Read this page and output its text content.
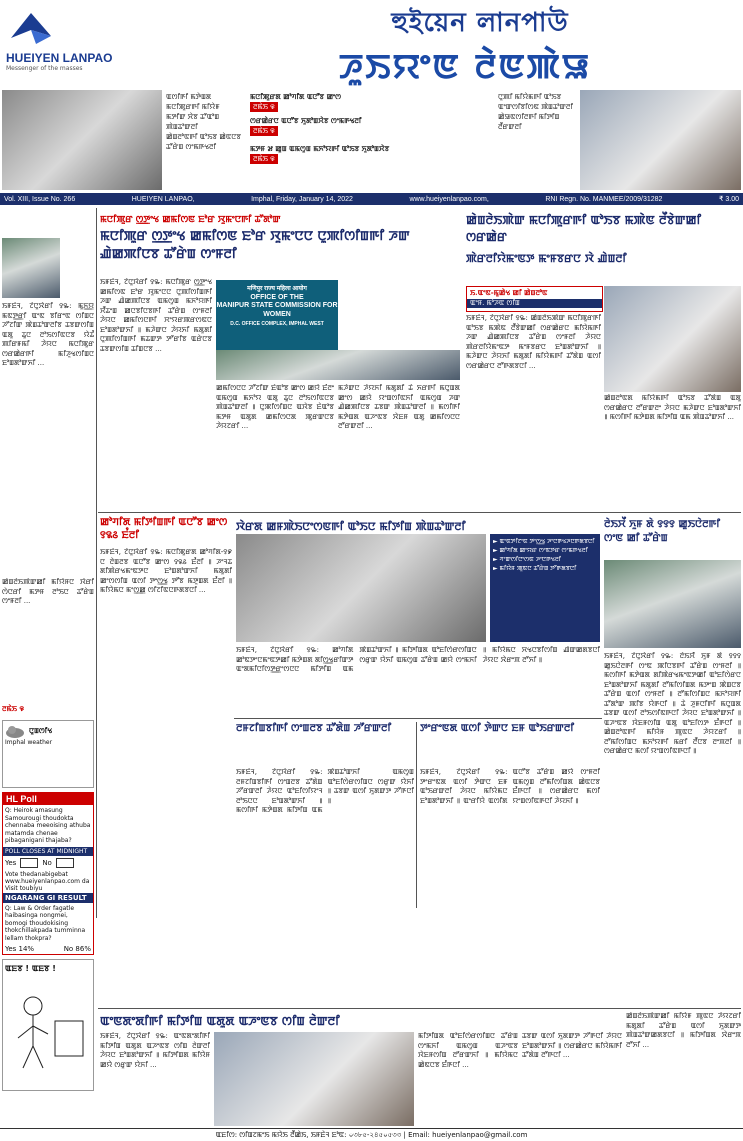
HUEIYEN LANPAO
Messenger of the masses
হুইয়েন লানপাউ
ꯍꯨꯏꯌꯦꯟ ꯂꯥꯟꯄꯥꯎ
ꯑꯁꯤꯒꯤ ꯃꯇꯥꯡꯗ ꯃꯅꯤꯄꯨꯔꯒꯤ ꯃꯤꯌꯥꯝ
ꯃꯇꯤꯛ ꯆꯥꯕ ꯊꯧꯑꯣꯡ ꯄꯥꯡꯊꯣꯛꯂꯤ
ꯀꯥꯡꯂꯣꯟꯒꯤ ꯑꯣꯏꯕ ꯀꯥꯟꯅꯕ
ꯊꯧꯔꯥꯡ ꯁꯦꯃꯒꯠꯂꯤ
ꯃꯅꯤꯄꯨꯔꯗ ꯀꯣꯚꯤꯗ ꯑꯅꯧꯕ ꯀꯦꯁ
ꯂꯃꯥꯏ ꯶
ꯁꯔꯀꯥꯔꯅ ꯑꯅꯧꯕ ꯈꯨꯗꯣꯡꯆꯥꯕ ꯁꯦꯃꯒꯠꯂꯤ
ꯂꯃꯥꯏ ꯶
ꯃꯇꯝ ꯷ ꯀꯨꯡ ꯑꯃꯁꯨꯡ ꯃꯈꯣꯌꯒꯤ ꯑꯣꯏꯕ ꯈꯨꯗꯣꯡꯆꯥꯕ
ꯂꯃꯥꯏ ꯶
ꯅꯨꯄꯤ ꯃꯤꯌꯥꯃꯒꯤ ꯑꯣꯏꯕ
ꯑꯦꯛꯁꯤꯕꯤꯁꯟ ꯄꯥꯡꯊꯣꯛꯂꯤ
ꯀꯥꯎꯟꯁꯤꯂꯒꯤ ꯃꯤꯇꯤꯡ
ꯂꯩꯔꯛꯂꯤ
Vol. XIII, Issue No. 266	HUEIYEN LANPAO,	Imphal, Friday, January 14, 2022	www.hueiyenlanpao.com,	RNI Regn. No. MANMEE/2009/31282	₹ 3.00
ꯏꯝꯐꯥꯜ, ꯖꯥꯅꯨꯋꯥꯔꯤ ꯱꯳: ꯃꯨꯈ꯭ꯌ ꯃꯟꯇ꯭ꯔꯤ ꯑꯦꯟ ꯕꯤꯔꯦꯟ ꯁꯤꯡꯅ ꯍꯧꯖꯤꯛ ꯄꯥꯡꯊꯣꯛꯂꯤꯕ ꯊꯕꯛꯁꯤꯡ ꯑꯗꯨ ꯊꯨꯅ ꯂꯣꯏꯁꯤꯟꯅꯕ ꯌꯥꯊꯪ ꯄꯤꯔꯝꯃꯤ ꯍꯥꯌꯅ ꯃꯅꯤꯄꯨꯔ ꯁꯔꯀꯥꯔꯒꯤ ꯃꯤꯍꯨꯠꯁꯤꯡꯅ ꯐꯣꯡꯗꯣꯛꯈꯤ ...
ꯀꯥꯡꯂꯥꯏꯄꯥꯛꯀꯤ ꯃꯤꯌꯥꯝꯅ ꯋꯥꯔꯤ ꯁꯥꯅꯔꯤ ꯃꯇꯝ ꯂꯣꯏꯅ ꯊꯧꯔꯥꯡ ꯁꯦꯝꯂꯤ ...
ꯂꯃꯥꯏ ꯶
ꯅꯨꯡꯁꯤꯠ
Imphal weather
HL Poll
Q: Heirok amasung Samourougi thoudokta chennaba meeoising athuba matamda chenae pibaganigani thajaba?
POLL CLOSES AT MIDNIGHT
Yes	No
Vote thedanabigebat www.hueiyenlanpao.com da Visit toubiyu
NGARANG GI RESULT
Q: Law & Order fagatle haibasinga nongmei, bomogi thoudokising thokchillakpada tumminna lellam thokpra?
Yes 14%	No 86%
ꯑꯐꯕ ! ꯑꯐꯕ !
ꯃꯅꯤꯄꯨꯔ ꯁ꯭ꯇꯦꯠ ꯀꯃꯤꯁꯟ ꯐꯣꯔ ꯋꯨꯃꯦꯅꯒꯤ ꯊꯧꯗꯣꯛ
ꯃꯅꯤꯄꯨꯔ ꯁ꯭ꯇꯦꯠ ꯀꯃꯤꯁꯟ ꯐꯣꯔ ꯋꯨꯃꯦꯅꯅ ꯅꯨꯄꯤꯁꯤꯡꯒꯤ ꯍꯛ ꯉꯥꯀꯄꯤꯅꯕ ꯊꯧꯔꯥꯡ ꯁꯦꯝꯂꯤ
ꯏꯝꯐꯥꯜ, ꯖꯥꯅꯨꯋꯥꯔꯤ ꯱꯳: ꯃꯅꯤꯄꯨꯔ ꯁ꯭ꯇꯦꯠ ꯀꯃꯤꯁꯟ ꯐꯣꯔ ꯋꯨꯃꯦꯅꯅ ꯅꯨꯄꯤꯁꯤꯡꯒꯤ ꯍꯛ ꯉꯥꯀꯄꯤꯅꯕ ꯑꯃꯁꯨꯡ ꯃꯈꯣꯌꯒꯤ ꯆꯩꯊꯦꯡ ꯀꯅꯕꯤꯅꯕꯒꯤ ꯊꯧꯔꯥꯡ ꯁꯦꯝꯂꯤ ꯍꯥꯌꯅ ꯀꯃꯤꯁꯅꯒꯤ ꯆꯦꯌꯔꯄꯔꯁꯟꯅ ꯐꯣꯡꯗꯣꯛꯈꯤ ꯫ ꯃꯍꯥꯛꯅ ꯍꯥꯌꯈꯤ ꯃꯗꯨꯗꯤ ꯅꯨꯄꯤꯁꯤꯡꯒꯤ ꯃꯊꯛꯇ ꯇꯧꯔꯤꯕ ꯑꯔꯥꯅꯕ ꯊꯕꯛꯁꯤꯡ ꯊꯤꯡꯅꯕ ...
मणिपुर राज्य महिला आयोग
OFFICE OF THE
MANIPUR STATE COMMISSION FOR WOMEN
D.C. OFFICE COMPLEX, IMPHAL WEST
ꯀꯃꯤꯁꯅꯅ ꯍꯧꯖꯤꯛ ꯐꯥꯑꯣꯕ ꯀꯦꯁ ꯀꯌꯥ ꯐꯪꯂꯦ ꯑꯃꯁꯨꯡ ꯃꯈꯣꯌ ꯑꯗꯨ ꯊꯨꯅ ꯂꯣꯏꯁꯤꯟꯅꯕ ꯄꯥꯡꯊꯣꯛꯂꯤ ꯫ ꯅꯨꯄꯤꯁꯤꯡꯅ ꯑꯋꯥꯕ ꯐꯥꯑꯣꯕ ꯃꯇꯝ ꯑꯗꯨꯗ ꯀꯃꯤꯁꯅꯗ ꯄꯨꯔꯛꯅꯕ ꯍꯥꯌꯖꯔꯤ ...
ꯃꯍꯥꯛꯅ ꯍꯥꯌꯈꯤ ꯃꯗꯨꯗꯤ ꯊꯥ ꯈꯔꯒꯤ ꯃꯅꯨꯡꯗ ꯀꯦꯁ ꯀꯌꯥ ꯌꯦꯡꯁꯤꯟꯈꯤ ꯑꯃꯁꯨꯡ ꯍꯛ ꯉꯥꯀꯄꯤꯅꯕ ꯊꯕꯛ ꯄꯥꯡꯊꯣꯛꯂꯤ ꯫ ꯃꯁꯤꯒꯤ ꯃꯇꯥꯡꯗ ꯑꯍꯦꯟꯕ ꯋꯥꯐꯝ ꯑꯗꯨ ꯀꯃꯤꯁꯅꯅ ꯂꯧꯔꯛꯂꯤ ...
ꯀꯥꯡꯂꯥꯏꯄꯥꯛ ꯃꯅꯤꯄꯨꯔꯒꯤ ꯑꯣꯏꯕ ꯃꯄꯥꯟ ꯂꯩꯕꯥꯛꯀꯤ ꯁꯔꯀꯥꯔ
ꯄꯥꯔꯂꯤꯌꯥꯃꯦꯟꯇ ꯃꯦꯝꯕꯔꯅ ꯋꯥ ꯉꯥꯡꯂꯤ
ꯏ.ꯑꯦꯟ-ꯃꯨꯀꯥꯠ ꯀꯤ ꯀꯥꯡꯂꯣꯟ
ꯑꯦꯝ. ꯃꯣꯍꯟ ꯁꯤꯡ
ꯏꯝꯐꯥꯜ, ꯖꯥꯅꯨꯋꯥꯔꯤ ꯱꯳: ꯀꯥꯡꯂꯥꯏꯄꯥꯛ ꯃꯅꯤꯄꯨꯔꯒꯤ ꯑꯣꯏꯕ ꯃꯄꯥꯟ ꯂꯩꯕꯥꯛꯀꯤ ꯁꯔꯀꯥꯔꯅ ꯃꯤꯌꯥꯃꯒꯤ ꯍꯛ ꯉꯥꯀꯄꯤꯅꯕ ꯊꯧꯔꯥꯡ ꯁꯦꯝꯂꯤ ꯍꯥꯌꯅ ꯄꯥꯔꯂꯤꯌꯥꯃꯦꯟꯇ ꯃꯦꯝꯕꯔꯅ ꯐꯣꯡꯗꯣꯛꯈꯤ ꯫ ꯃꯍꯥꯛꯅ ꯍꯥꯌꯈꯤ ꯃꯗꯨꯗꯤ ꯃꯤꯌꯥꯃꯒꯤ ꯊꯧꯗꯥꯡ ꯑꯁꯤ ꯁꯔꯀꯥꯔꯅ ꯂꯧꯒꯗꯕꯅꯤ ...
ꯀꯥꯡꯂꯣꯟꯗ ꯃꯤꯌꯥꯃꯒꯤ ꯑꯣꯏꯕ ꯊꯧꯗꯥꯡ ꯑꯗꯨ ꯁꯔꯀꯥꯔꯅ ꯂꯧꯔꯛꯂꯦ ꯍꯥꯌꯅ ꯃꯍꯥꯛꯅ ꯐꯣꯡꯗꯣꯛꯈꯤ ꯫ ꯃꯁꯤꯒꯤ ꯃꯇꯥꯡꯗ ꯃꯤꯇꯤꯡ ꯑꯃ ꯄꯥꯡꯊꯣꯛꯈꯤ ...
ꯀꯣꯚꯤꯗ ꯃꯤꯇꯤꯡꯒꯤ ꯑꯅꯧꯕ ꯀꯦꯁ ꯱꯲꯴ ꯐꯪꯂꯤ
ꯏꯝꯐꯥꯜ, ꯖꯥꯅꯨꯋꯥꯔꯤ ꯱꯳: ꯃꯅꯤꯄꯨꯔꯗ ꯀꯣꯚꯤꯗ-꯱꯹ ꯅ ꯂꯥꯡꯂꯕ ꯑꯅꯧꯕ ꯀꯦꯁ ꯱꯲꯴ ꯐꯪꯂꯤ ꯫ ꯍꯦꯜꯊ ꯗꯤꯄꯥꯔꯠꯃꯦꯟꯇꯅ ꯐꯣꯡꯗꯣꯛꯈꯤ ꯃꯗꯨꯗꯤ ꯀꯦꯁꯁꯤꯡ ꯑꯁꯤ ꯇꯦꯁ꯭ꯠ ꯇꯧꯕ ꯃꯇꯨꯡꯗ ꯐꯪꯂꯤ ꯫ ꯃꯤꯌꯥꯃꯅ ꯃꯦꯁ꯭ꯀ ꯁꯤꯖꯤꯟꯅꯒꯗꯕꯅꯤ ...
ꯋꯥꯔꯗ ꯀꯝꯄꯥꯏꯅꯦꯁꯟꯒꯤ ꯑꯣꯏꯅ ꯃꯤꯇꯤꯡ ꯄꯥꯡꯊꯣꯛꯂꯤ
► ꯑꯦꯟꯇꯤꯖꯦꯟ ꯇꯦꯁ꯭ꯠ ꯍꯦꯅꯒꯠꯍꯅꯒꯗꯕꯅꯤ
► ꯀꯣꯚꯤꯗ ꯀꯦꯌꯔ ꯁꯦꯟꯇꯔ ꯁꯦꯃꯒꯠꯂꯤ
► ꯚꯦꯛꯁꯤꯅꯦꯁꯟ ꯍꯦꯅꯒꯠꯂꯤ
► ꯃꯤꯌꯥꯝ ꯄꯨꯟꯅ ꯊꯧꯔꯥꯡ ꯇꯧꯒꯗꯕꯅꯤ
ꯏꯝꯐꯥꯜ, ꯖꯥꯅꯨꯋꯥꯔꯤ ꯱꯳: ꯀꯣꯚꯤꯗ ꯀꯣꯟꯇꯦꯅꯃꯦꯟꯇꯀꯤ ꯃꯇꯥꯡꯗ ꯗꯤꯁ꯭ꯠꯔꯤꯛꯇ ꯑꯦꯗꯃꯤꯅꯤꯁꯇ꯭ꯔꯦꯁꯅꯅ ꯃꯤꯇꯤꯡ ꯑꯃ ꯄꯥꯡꯊꯣꯛꯈꯤ ꯫ ꯃꯤꯇꯤꯡꯗ ꯑꯣꯐꯤꯁꯥꯔꯁꯤꯡꯅ ꯁꯔꯨꯛ ꯌꯥꯈꯤ ꯑꯃꯁꯨꯡ ꯊꯧꯔꯥꯡ ꯀꯌꯥ ꯁꯦꯃꯈꯤ ꯫ ꯃꯤꯌꯥꯃꯅ ꯆꯠꯅꯕꯤꯁꯤꯡ ꯉꯥꯛꯀꯗꯕꯅꯤ ꯍꯥꯌꯅ ꯋꯥꯔꯦꯞ ꯂꯧꯈꯤ ꯫
ꯂꯥꯏꯆꯩ ꯈꯨꯝ ꯗꯥ ꯱꯱꯱ ꯀꯨꯏꯅꯥꯂꯒꯤ ꯁꯦꯟ ꯀꯤ ꯊꯧꯔꯥꯡ
ꯏꯝꯐꯥꯜ, ꯖꯥꯅꯨꯋꯥꯔꯤ ꯱꯳: ꯂꯥꯏꯆꯩ ꯈꯨꯝ ꯗꯥ ꯱꯱꯱ ꯀꯨꯏꯅꯥꯂꯒꯤ ꯁꯦꯟ ꯄꯤꯅꯕꯒꯤ ꯊꯧꯔꯥꯡ ꯁꯦꯝꯂꯤ ꯫ ꯃꯁꯤꯒꯤ ꯃꯇꯥꯡꯗ ꯗꯤꯄꯥꯔꯠꯃꯦꯟꯇꯀꯤ ꯑꯣꯐꯤꯁꯥꯔꯅ ꯐꯣꯡꯗꯣꯛꯈꯤ ꯃꯗꯨꯗꯤ ꯂꯧꯃꯤꯁꯤꯡꯗ ꯃꯇꯦꯡ ꯄꯥꯡꯅꯕ ꯊꯧꯔꯥꯡ ꯑꯁꯤ ꯁꯦꯝꯂꯤ ꯫ ꯂꯧꯃꯤꯁꯤꯡꯅ ꯃꯈꯣꯌꯒꯤ ꯊꯧꯗꯣꯛ ꯄꯤꯕ ꯌꯥꯒꯅꯤ ꯫ ꯊꯥ ꯍꯨꯝꯅꯤꯒꯤ ꯃꯅꯨꯡꯗ ꯊꯕꯛ ꯑꯁꯤ ꯂꯣꯏꯁꯤꯟꯒꯅꯤ ꯍꯥꯌꯅ ꯐꯣꯡꯗꯣꯛꯈꯤ ꯫ ꯑꯍꯦꯟꯕ ꯋꯥꯐꯝꯁꯤꯡ ꯑꯗꯨ ꯑꯣꯐꯤꯁꯇ ꯐꯪꯒꯅꯤ ꯫ ꯀꯥꯡꯂꯣꯟꯒꯤ ꯃꯤꯌꯥꯝ ꯄꯨꯟꯅ ꯍꯥꯌꯖꯔꯤ ꯫ ꯂꯧꯃꯤꯁꯤꯡꯅ ꯃꯈꯣꯌꯒꯤ ꯃꯔꯤ ꯂꯩꯅꯕ ꯂꯦꯞꯂꯤ ꯫ ꯁꯔꯀꯥꯔꯅ ꯃꯁꯤ ꯌꯦꯡꯁꯤꯟꯒꯅꯤ ꯫
ꯂꯝꯖꯤꯡꯕꯤꯒꯤ ꯁꯦꯡꯂꯕ ꯊꯧꯗꯥꯡ ꯍꯧꯔꯛꯂꯤ
ꯏꯝꯐꯥꯜ, ꯖꯥꯅꯨꯋꯥꯔꯤ ꯱꯳: ꯂꯝꯖꯤꯡꯕꯤꯒꯤ ꯁꯦꯡꯂꯕ ꯊꯧꯗꯥꯡ ꯍꯧꯔꯛꯂꯤ ꯍꯥꯌꯅ ꯑꯣꯐꯤꯁꯤꯌꯦꯜ ꯂꯣꯏꯅꯅ ꯐꯣꯡꯗꯣꯛꯈꯤ ꯫ ꯃꯁꯤꯒꯤ ꯃꯇꯥꯡꯗ ꯃꯤꯇꯤꯡ ꯑꯃ ꯄꯥꯡꯊꯣꯛꯈꯤ ꯑꯃꯁꯨꯡ ꯑꯣꯐꯤꯁꯥꯔꯁꯤꯡꯅ ꯁꯔꯨꯛ ꯌꯥꯈꯤ ꯫ ꯊꯕꯛ ꯑꯁꯤ ꯈꯨꯗꯛꯇ ꯍꯧꯒꯅꯤ ꯫
ꯇꯦꯔꯦꯟꯗ ꯑꯁꯤ ꯇꯥꯛꯅ ꯐꯝ ꯑꯣꯏꯔꯛꯂꯤ
ꯏꯝꯐꯥꯜ, ꯖꯥꯅꯨꯋꯥꯔꯤ ꯱꯳: ꯇꯦꯔꯦꯟꯗ ꯑꯁꯤ ꯇꯥꯛꯅ ꯐꯝ ꯑꯣꯏꯔꯛꯂꯤ ꯍꯥꯌꯅ ꯃꯤꯌꯥꯃꯅ ꯐꯣꯡꯗꯣꯛꯈꯤ ꯫ ꯑꯦꯔꯤꯌꯥ ꯑꯁꯤꯗ ꯑꯅꯧꯕ ꯊꯧꯔꯥꯡ ꯀꯌꯥ ꯁꯦꯝꯂꯤ ꯑꯃꯁꯨꯡ ꯂꯧꯃꯤꯁꯤꯡꯗ ꯀꯥꯟꯅꯕ ꯐꯪꯒꯅꯤ ꯫ ꯁꯔꯀꯥꯔꯅ ꯃꯁꯤ ꯌꯦꯡꯁꯤꯟꯒꯅꯤ ꯍꯥꯌꯈꯤ ꯫
ꯑꯦꯟꯗꯦꯗꯤꯒꯤ ꯃꯤꯇꯤꯡ ꯑꯗꯨꯗ ꯑꯍꯦꯟꯕ ꯁꯤꯡ ꯂꯥꯛꯂꯤ
ꯏꯝꯐꯥꯜ, ꯖꯥꯅꯨꯋꯥꯔꯤ ꯱꯳: ꯑꯦꯟꯗꯦꯗꯤꯒꯤ ꯃꯤꯇꯤꯡ ꯑꯗꯨꯗ ꯑꯍꯦꯟꯕ ꯁꯤꯡ ꯂꯥꯛꯂꯤ ꯍꯥꯌꯅ ꯐꯣꯡꯗꯣꯛꯈꯤ ꯫ ꯃꯤꯇꯤꯡꯗ ꯃꯤꯌꯥꯝ ꯀꯌꯥ ꯁꯔꯨꯛ ꯌꯥꯈꯤ ...
ꯃꯤꯇꯤꯡꯗ ꯑꯣꯐꯤꯁꯥꯔꯁꯤꯡꯅ ꯊꯧꯔꯥꯡ ꯁꯦꯃꯈꯤ ꯑꯃꯁꯨꯡ ꯑꯍꯦꯟꯕ ꯋꯥꯐꯝꯁꯤꯡ ꯂꯧꯔꯛꯈꯤ ꯫ ꯃꯤꯌꯥꯃꯅ ꯀꯥꯟꯅꯕ ꯐꯪꯒꯅꯤ ...
ꯊꯕꯛ ꯑꯁꯤ ꯈꯨꯗꯛꯇ ꯍꯧꯒꯅꯤ ꯍꯥꯌꯅ ꯐꯣꯡꯗꯣꯛꯈꯤ ꯫ ꯁꯔꯀꯥꯔꯅ ꯃꯤꯌꯥꯃꯒꯤ ꯊꯧꯗꯥꯡ ꯂꯧꯒꯅꯤ ...
ꯀꯥꯡꯂꯥꯏꯄꯥꯛꯀꯤ ꯃꯤꯌꯥꯝ ꯄꯨꯟꯅ ꯍꯥꯌꯖꯔꯤ ꯃꯗꯨꯗꯤ ꯊꯧꯔꯥꯡ ꯑꯁꯤ ꯈꯨꯗꯛꯇ ꯄꯥꯡꯊꯣꯛꯀꯗꯕꯅꯤ ꯫ ꯃꯤꯇꯤꯡꯗ ꯋꯥꯔꯦꯞ ꯂꯧꯈꯤ ...
ꯑꯐꯤꯁ: ꯁꯤꯡꯖꯃꯦꯏ ꯃꯌꯥꯏ ꯂꯩꯀꯥꯏ, ꯏꯝꯐꯥꯜ ꯐꯣꯟ: ০৩৮৫-২৪৫০৫৩৩ | Email: hueiyenlanpao@gmail.com
